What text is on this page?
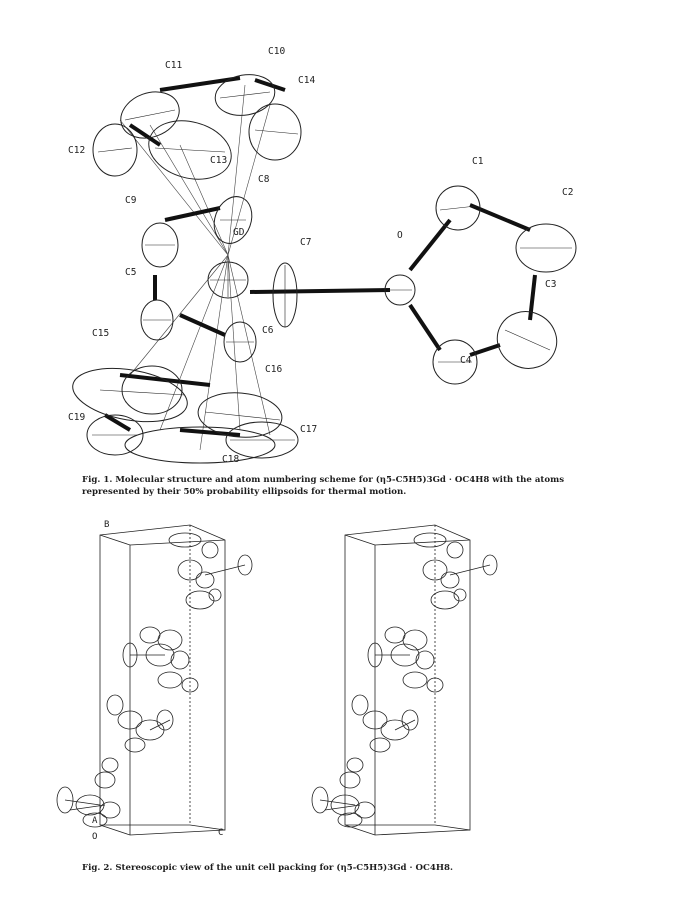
C10
C11
C14
C12
C13
C8
C9
GD
C7
C5
C6
C15
C16
C19
C17
C18
O
C1
C2
C3
C4
Fig. 1. Molecular structure and atom numbering scheme for (η5-C5H5)3Gd · OC4H8 with the atoms represented by their 50% probability ellipsoids for thermal motion.
B
C
A
O
Fig. 2. Stereoscopic view of the unit cell packing for (η5-C5H5)3Gd · OC4H8.
